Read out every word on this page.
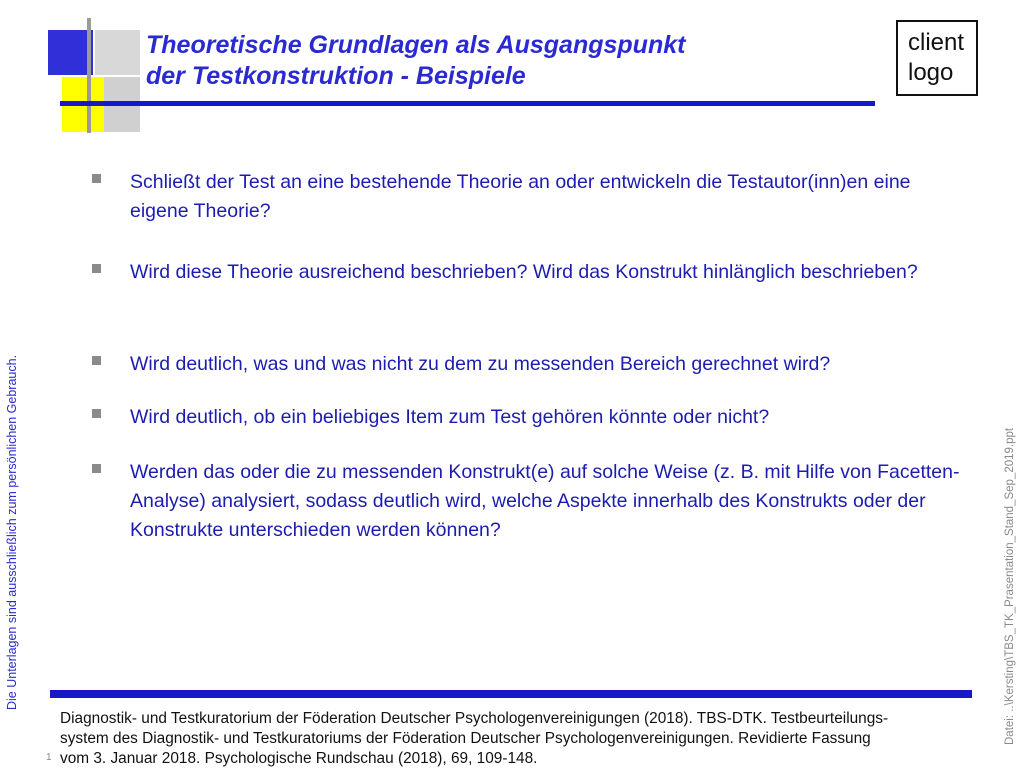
Theoretische Grundlagen als Ausgangspunkt
der Testkonstruktion - Beispiele
client
logo
Schließt der Test an eine bestehende Theorie an oder entwickeln die Testautor(inn)en eine eigene Theorie?
Wird diese Theorie ausreichend beschrieben? Wird das Konstrukt hinlänglich beschrieben?
Wird deutlich, was und was nicht zu dem zu messenden Bereich gerechnet wird?
Wird deutlich, ob ein beliebiges Item zum Test gehören könnte oder nicht?
Werden das oder die zu messenden Konstrukt(e) auf solche Weise (z. B. mit Hilfe von Facetten-Analyse) analysiert, sodass deutlich wird, welche Aspekte innerhalb des Konstrukts oder der Konstrukte unterschieden werden können?
Die Unterlagen sind ausschließlich zum persönlichen Gebrauch.	Datei: ..\Kersting\TBS_TK_Prasentation_Stand_Sep_2019.ppt
1
Diagnostik- und Testkuratorium der Föderation Deutscher Psychologenvereinigungen (2018). TBS-DTK. Testbeurteilungs-
system des Diagnostik- und Testkuratoriums der Föderation Deutscher Psychologenvereinigungen. Revidierte Fassung
vom 3. Januar 2018. Psychologische Rundschau (2018), 69, 109-148.
